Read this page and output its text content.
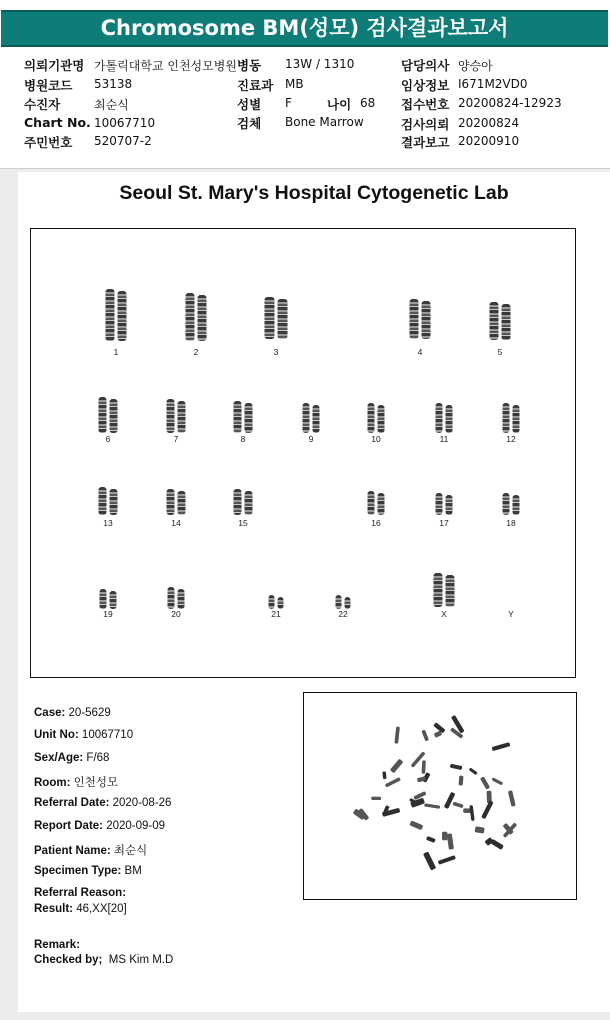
Chromosome BM(성모) 검사결과보고서
의뢰기관명 가톨릭대학교 인천성모병원 병동 13W / 1310	담당의사 양승아
병원코드 53138	진료과 MB	임상정보 I671M2VD0
수진자	최순식	성별 F	나이 68 접수번호 20200824-12923
Chart No. 10067710	검체 Bone Marrow	검사의뢰 20200824
주민번호 520707-2	결과보고 20200910
Seoul St. Mary's Hospital Cytogenetic Lab
1	2	3	4	5
6	7	8	9	10	11	12
13	14	15	16	17	18
19	20	21	22	X	Y
Case: 20-5629
Unit No: 10067710
Sex/Age: F/68
Room: 인천성모
Referral Date: 2020-08-26
Report Date: 2020-09-09
Patient Name: 최순식
Specimen Type: BM
Referral Reason:
Result: 46,XX[20]
Remark:
Checked by; MS Kim M.D
